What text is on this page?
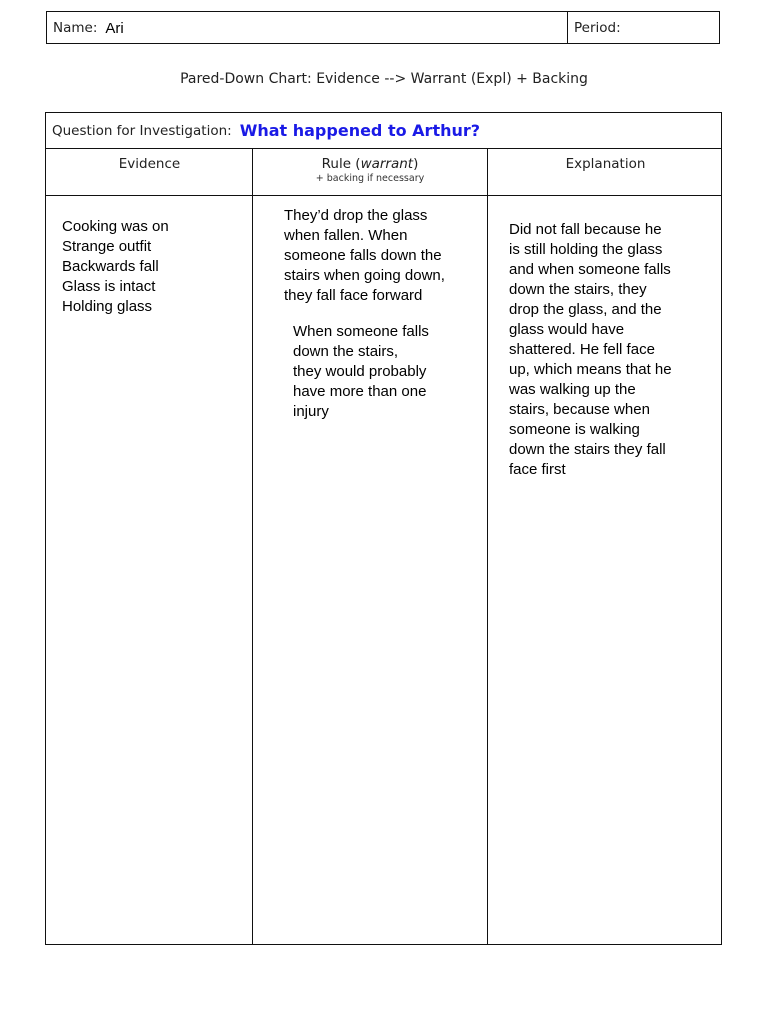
Name: Ari	Period:
Pared-Down Chart: Evidence --> Warrant (Expl) + Backing
Question for Investigation: What happened to Arthur?
Evidence	Rule (warrant)
+ backing if necessary
Explanation
Cooking was on
Strange outfit
Backwards fall
Glass is intact
Holding glass
They’d drop the glass
when fallen. When
someone falls down the
stairs when going down,
they fall face forward
When someone falls
down the stairs,
they would probably
have more than one
injury
Did not fall because he
is still holding the glass
and when someone falls
down the stairs, they
drop the glass, and the
glass would have
shattered. He fell face
up, which means that he
was walking up the
stairs, because when
someone is walking
down the stairs they fall
face first
